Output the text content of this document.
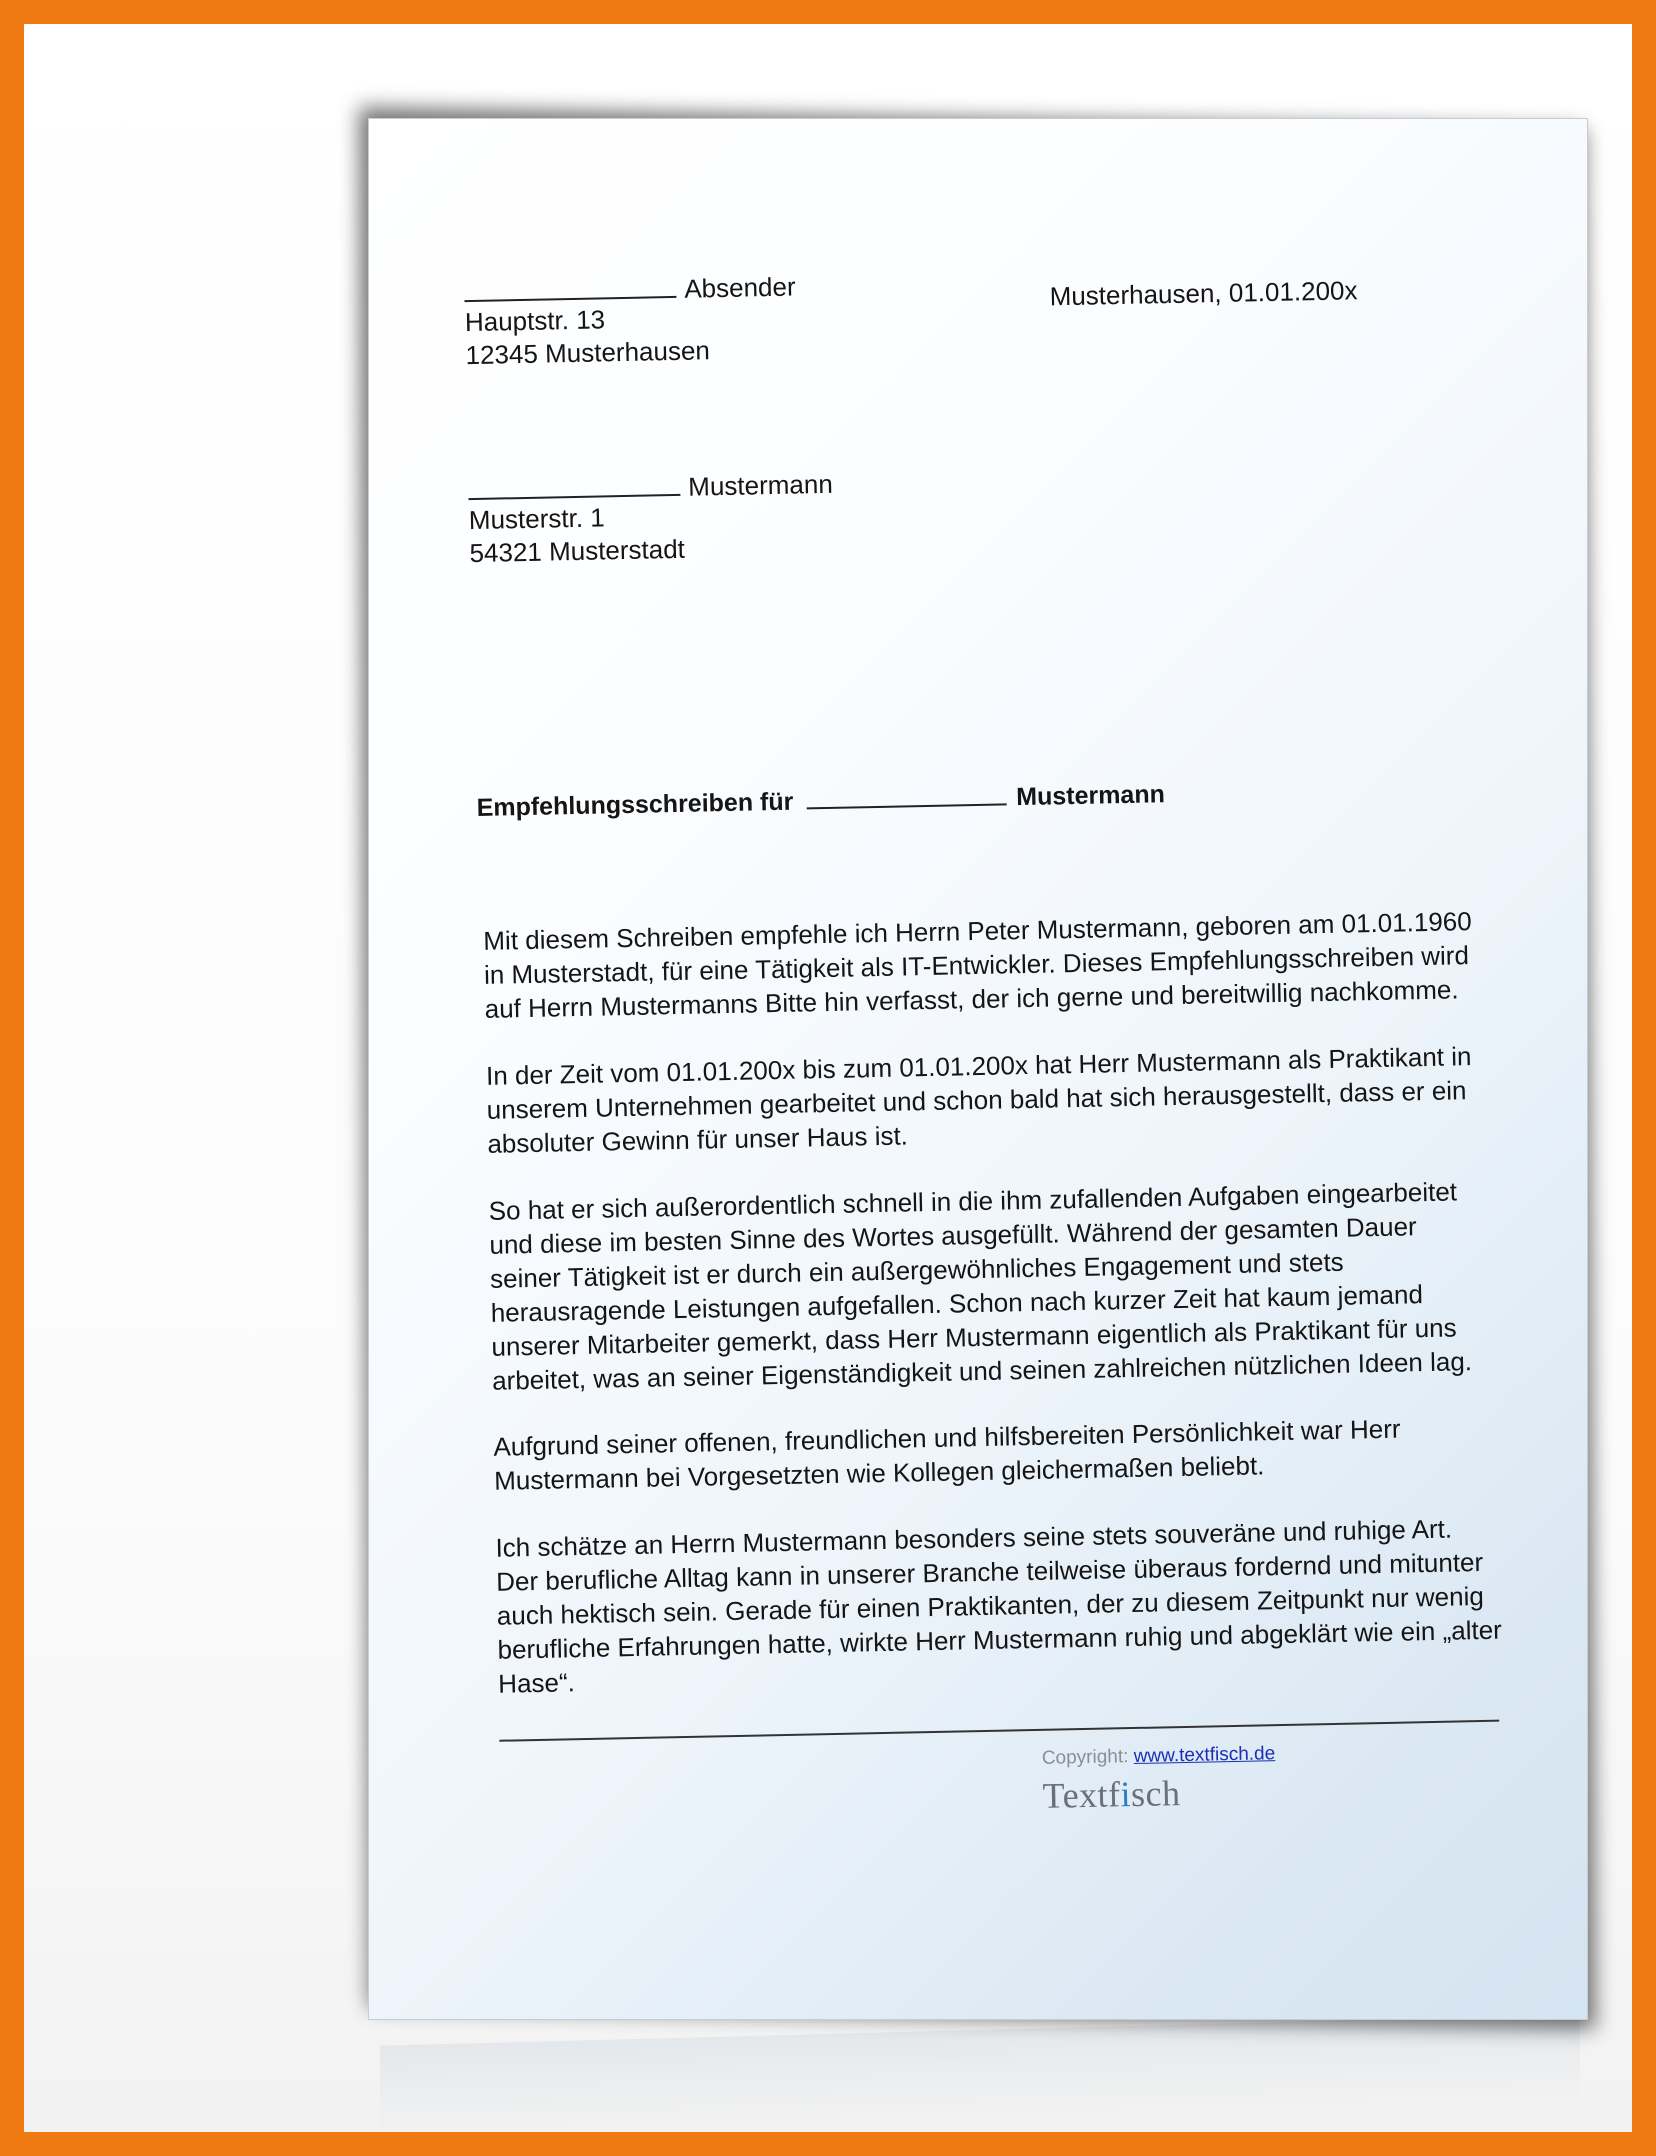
Absender
Hauptstr. 13
12345 Musterhausen
Musterhausen, 01.01.200x
Mustermann
Musterstr. 1
54321 Musterstadt
Empfehlungsschreiben für	Mustermann

Mit diesem Schreiben empfehle ich Herrn Peter Mustermann, geboren am 01.01.1960 in Musterstadt, für eine Tätigkeit als IT-Entwickler. Dieses Empfehlungsschreiben wird auf Herrn Mustermanns Bitte hin verfasst, der ich gerne und bereitwillig nachkomme.

In der Zeit vom 01.01.200x bis zum 01.01.200x hat Herr Mustermann als Praktikant in unserem Unternehmen gearbeitet und schon bald hat sich herausgestellt, dass er ein absoluter Gewinn für unser Haus ist.

So hat er sich außerordentlich schnell in die ihm zufallenden Aufgaben eingearbeitet und diese im besten Sinne des Wortes ausgefüllt. Während der gesamten Dauer seiner Tätigkeit ist er durch ein außergewöhnliches Engagement und stets herausragende Leistungen aufgefallen. Schon nach kurzer Zeit hat kaum jemand unserer Mitarbeiter gemerkt, dass Herr Mustermann eigentlich als Praktikant für uns arbeitet, was an seiner Eigenständigkeit und seinen zahlreichen nützlichen Ideen lag.

Aufgrund seiner offenen, freundlichen und hilfsbereiten Persönlichkeit war Herr Mustermann bei Vorgesetzten wie Kollegen gleichermaßen beliebt.

Ich schätze an Herrn Mustermann besonders seine stets souveräne und ruhige Art. Der berufliche Alltag kann in unserer Branche teilweise überaus fordernd und mitunter auch hektisch sein. Gerade für einen Praktikanten, der zu diesem Zeitpunkt nur wenig berufliche Erfahrungen hatte, wirkte Herr Mustermann ruhig und abgeklärt wie ein „alter Hase“.

Copyright: www.textfisch.de
Textfisch
